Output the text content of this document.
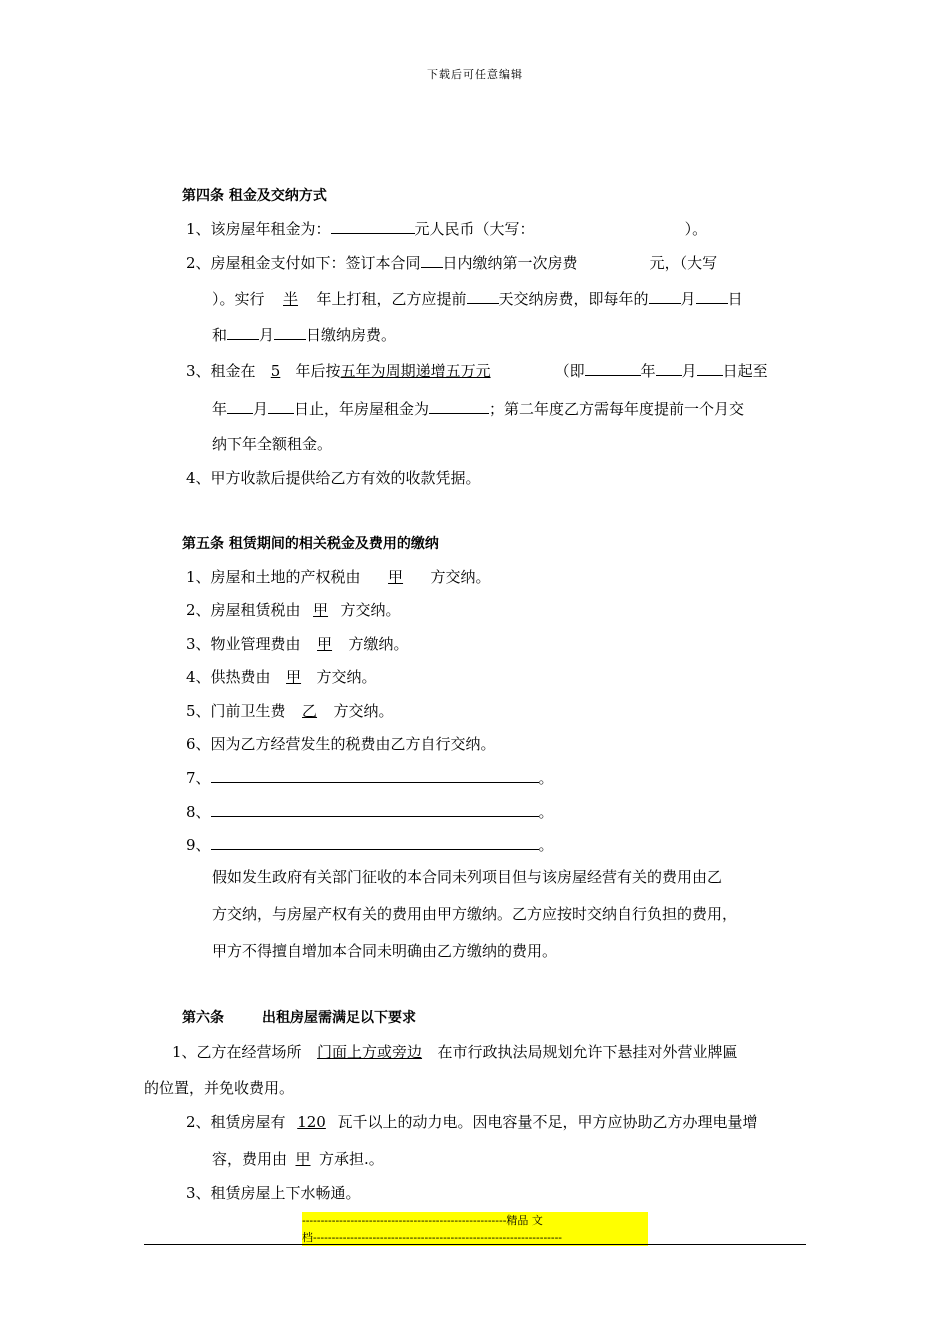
下载后可任意编辑
第四条 租金及交纳方式
1、该房屋年租金为：	元人民币（大写：	）。
2、房屋租金支付如下：签订本合同 日内缴纳第一次房费	元，（大写
）。实行 半 年上打租，乙方应提前 天交纳房费，即每年的 月 日
和 月 日缴纳房费。
3、租金在 5 年后按五年为周期递增五万元	（即	年 月 日起至
年 月 日止，年房屋租金为	；第二年度乙方需每年度提前一个月交
纳下年全额租金。
4、甲方收款后提供给乙方有效的收款凭据。
第五条 租赁期间的相关税金及费用的缴纳
1、房屋和土地的产权税由 甲 方交纳。
2、房屋租赁税由 甲 方交纳。
3、物业管理费由 甲 方缴纳。
4、供热费由 甲 方交纳。
5、门前卫生费 乙 方交纳。
6、因为乙方经营发生的税费由乙方自行交纳。
7、	。
8、	。
9、	。
假如发生政府有关部门征收的本合同未列项目但与该房屋经营有关的费用由乙
方交纳，与房屋产权有关的费用由甲方缴纳。乙方应按时交纳自行负担的费用，
甲方不得擅自增加本合同未明确由乙方缴纳的费用。
第六条	出租房屋需满足以下要求
1、乙方在经营场所 门面上方或旁边 在市行政执法局规划允许下悬挂对外营业牌匾
的位置，并免收费用。
2、租赁房屋有 120 瓦千以上的动力电。因电容量不足，甲方应协助乙方办理电量增
容，费用由 甲 方承担.。
3、租赁房屋上下水畅通。
-------------------------------------------------------精品 文
档-------------------------------------------------------------------
